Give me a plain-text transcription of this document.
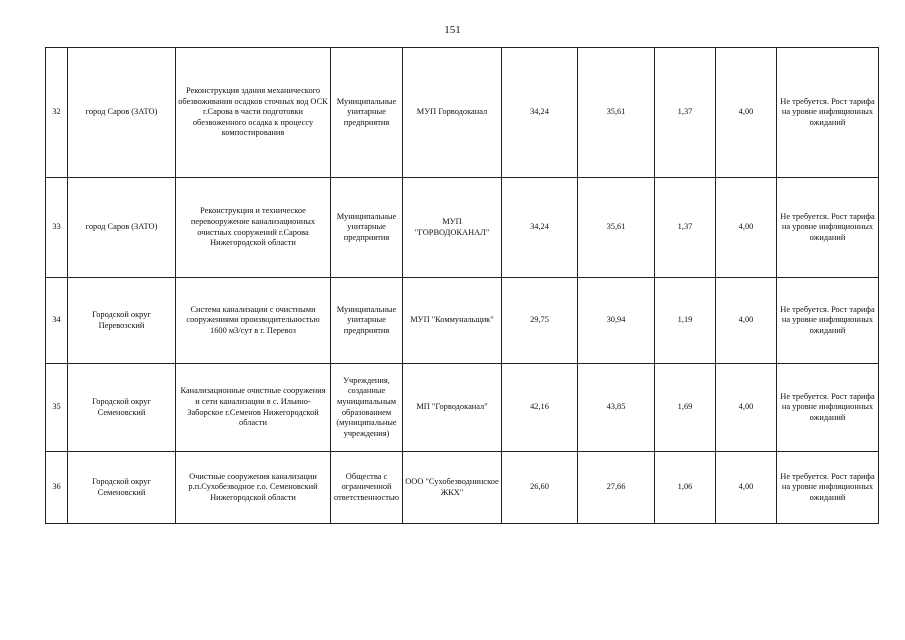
151
32	город Саров (ЗАТО)	Реконструкция здания механического обезвоживания осадков сточных вод ОСК г.Сарова в части подготовки обезвоженного осадка к процессу компостирования	Муниципальные унитарные предприятия	МУП Горводоканал	34,24	35,61	1,37	4,00	Не требуется. Рост тарифа на уровне инфляционных ожиданий
33	город Саров (ЗАТО)	Реконструкция и техническое перевооружение канализационных очистных сооружений г.Сарова Нижегородской области	Муниципальные унитарные предприятия	МУП "ГОРВОДОКАНАЛ"	34,24	35,61	1,37	4,00	Не требуется. Рост тарифа на уровне инфляционных ожиданий
34	Городской округ Перевозский	Система канализации с очистными сооружениями производительностью 1600 м3/сут в г. Перевоз	Муниципальные унитарные предприятия	МУП "Коммунальщик"	29,75	30,94	1,19	4,00	Не требуется. Рост тарифа на уровне инфляционных ожиданий
35	Городской округ Семеновский	Канализационные очистные сооружения и сети канализации в с. Ильино-Заборское г.Семенов Нижегородской области	Учреждения, созданные муниципальным образованием (муниципальные учреждения)	МП "Горводоканал"	42,16	43,85	1,69	4,00	Не требуется. Рост тарифа на уровне инфляционных ожиданий
36	Городской округ Семеновский	Очистные сооружения канализации р.п.Сухобезводное г.о. Семеновский Нижегородской области	Общества с ограниченной ответственностью	ООО "Сухобезводнинское ЖКХ"	26,60	27,66	1,06	4,00	Не требуется. Рост тарифа на уровне инфляционных ожиданий
